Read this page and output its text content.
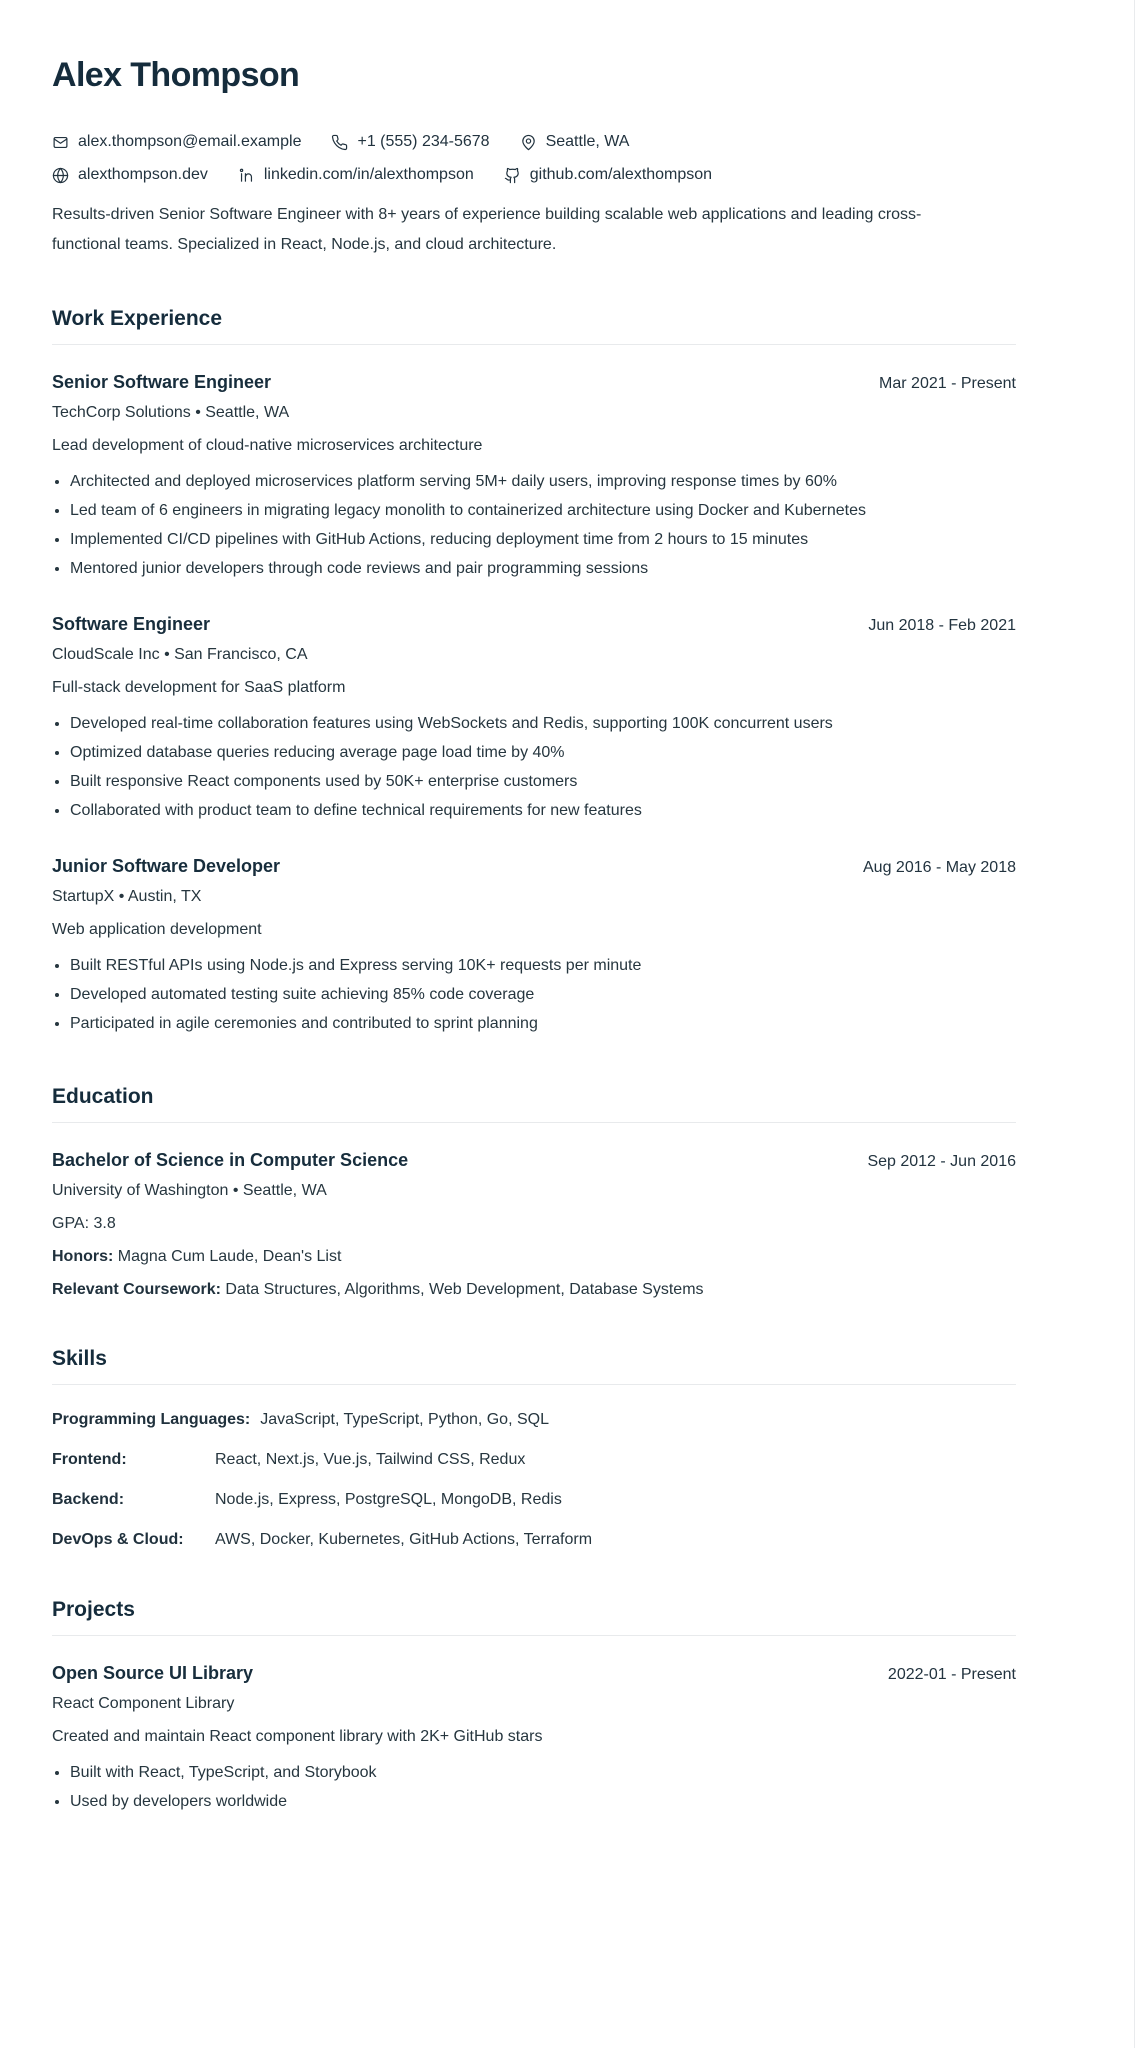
Alex Thompson
alex.thompson@email.example	+1 (555) 234-5678	Seattle, WA
alexthompson.dev	linkedin.com/in/alexthompson	github.com/alexthompson

Results-driven Senior Software Engineer with 8+ years of experience building scalable web applications and leading cross-functional teams. Specialized in React, Node.js, and cloud architecture.

Work Experience
Senior Software Engineer	Mar 2021 - Present
TechCorp Solutions • Seattle, WA
Lead development of cloud-native microservices architecture
• Architected and deployed microservices platform serving 5M+ daily users, improving response times by 60%
• Led team of 6 engineers in migrating legacy monolith to containerized architecture using Docker and Kubernetes
• Implemented CI/CD pipelines with GitHub Actions, reducing deployment time from 2 hours to 15 minutes
• Mentored junior developers through code reviews and pair programming sessions
Software Engineer	Jun 2018 - Feb 2021
CloudScale Inc • San Francisco, CA
Full-stack development for SaaS platform
• Developed real-time collaboration features using WebSockets and Redis, supporting 100K concurrent users
• Optimized database queries reducing average page load time by 40%
• Built responsive React components used by 50K+ enterprise customers
• Collaborated with product team to define technical requirements for new features
Junior Software Developer	Aug 2016 - May 2018
StartupX • Austin, TX
Web application development
• Built RESTful APIs using Node.js and Express serving 10K+ requests per minute
• Developed automated testing suite achieving 85% code coverage
• Participated in agile ceremonies and contributed to sprint planning
Education
Bachelor of Science in Computer Science	Sep 2012 - Jun 2016
University of Washington • Seattle, WA
GPA: 3.8
Honors: Magna Cum Laude, Dean's List
Relevant Coursework: Data Structures, Algorithms, Web Development, Database Systems
Skills
Programming Languages: JavaScript, TypeScript, Python, Go, SQL
Frontend:	React, Next.js, Vue.js, Tailwind CSS, Redux
Backend:	Node.js, Express, PostgreSQL, MongoDB, Redis
DevOps & Cloud:	AWS, Docker, Kubernetes, GitHub Actions, Terraform
Projects
Open Source UI Library	2022-01 - Present
React Component Library
Created and maintain React component library with 2K+ GitHub stars
• Built with React, TypeScript, and Storybook
• Used by developers worldwide
